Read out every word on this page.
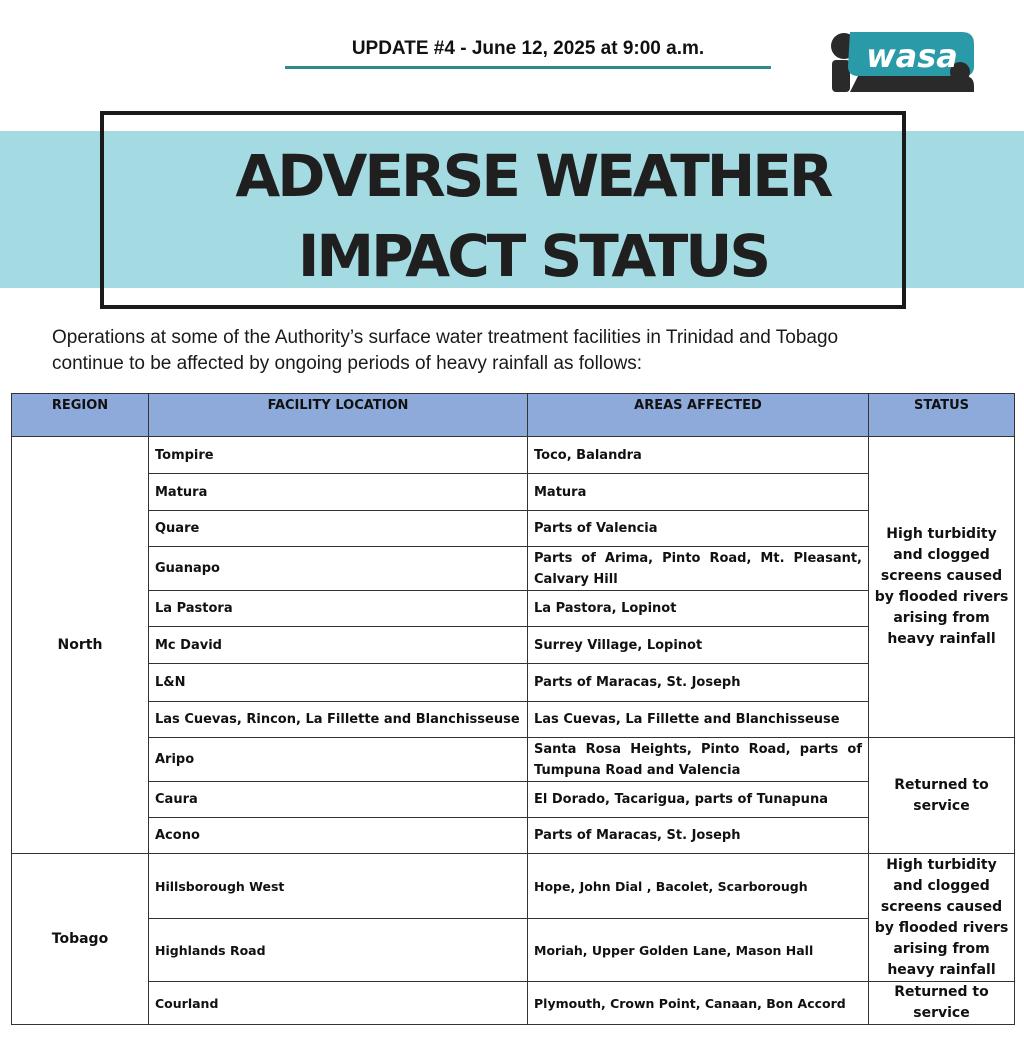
UPDATE #4 - June 12, 2025 at 9:00 a.m.	wasa
ADVERSE WEATHER
IMPACT STATUS
Operations at some of the Authority’s surface water treatment facilities in Trinidad and Tobago
continue to be affected by ongoing periods of heavy rainfall as follows:
REGION	FACILITY LOCATION	AREAS AFFECTED	STATUS
North	Tompire	Toco, Balandra	High turbidity and clogged screens caused by flooded rivers arising from heavy rainfall
	Matura	Matura	
	Quare	Parts of Valencia	
	Guanapo	Parts of Arima, Pinto Road, Mt. Pleasant, Calvary Hill	
	La Pastora	La Pastora, Lopinot	
	Mc David	Surrey Village, Lopinot	
	L&N	Parts of Maracas, St. Joseph	
	Las Cuevas, Rincon, La Fillette and Blanchisseuse	Las Cuevas, La Fillette and Blanchisseuse	
	Aripo	Santa Rosa Heights, Pinto Road, parts of Tumpuna Road and Valencia	Returned to service
	Caura	El Dorado, Tacarigua, parts of Tunapuna	
	Acono	Parts of Maracas, St. Joseph	
Tobago	Hillsborough West	Hope, John Dial , Bacolet, Scarborough	High turbidity and clogged screens caused by flooded rivers arising from heavy rainfall
	Highlands Road	Moriah, Upper Golden Lane, Mason Hall	
	Courland	Plymouth, Crown Point, Canaan, Bon Accord	Returned to service
